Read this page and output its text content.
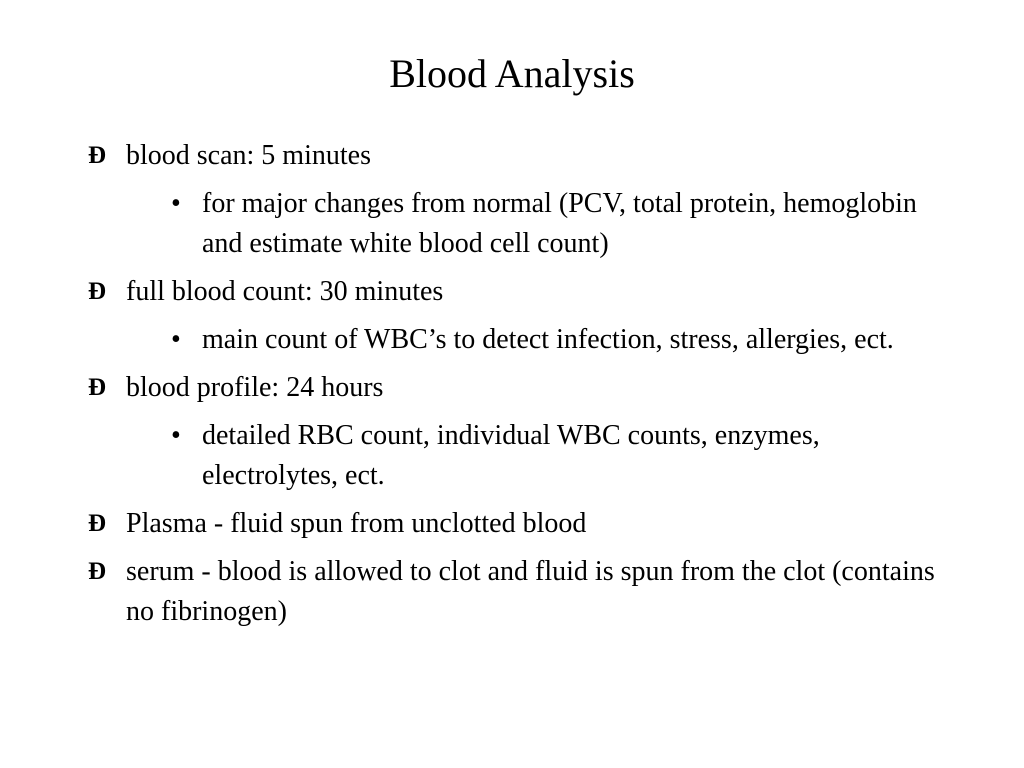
Blood Analysis
Ð blood scan: 5 minutes
• for major changes from normal (PCV, total protein, hemoglobin and estimate white blood cell count)
Ð full blood count: 30 minutes
• main count of WBC’s to detect infection, stress, allergies, ect.
Ð blood profile: 24 hours
• detailed RBC count, individual WBC counts, enzymes, electrolytes, ect.
Ð Plasma - fluid spun from unclotted blood
Ð serum - blood is allowed to clot and fluid is spun from the clot (contains no fibrinogen)
